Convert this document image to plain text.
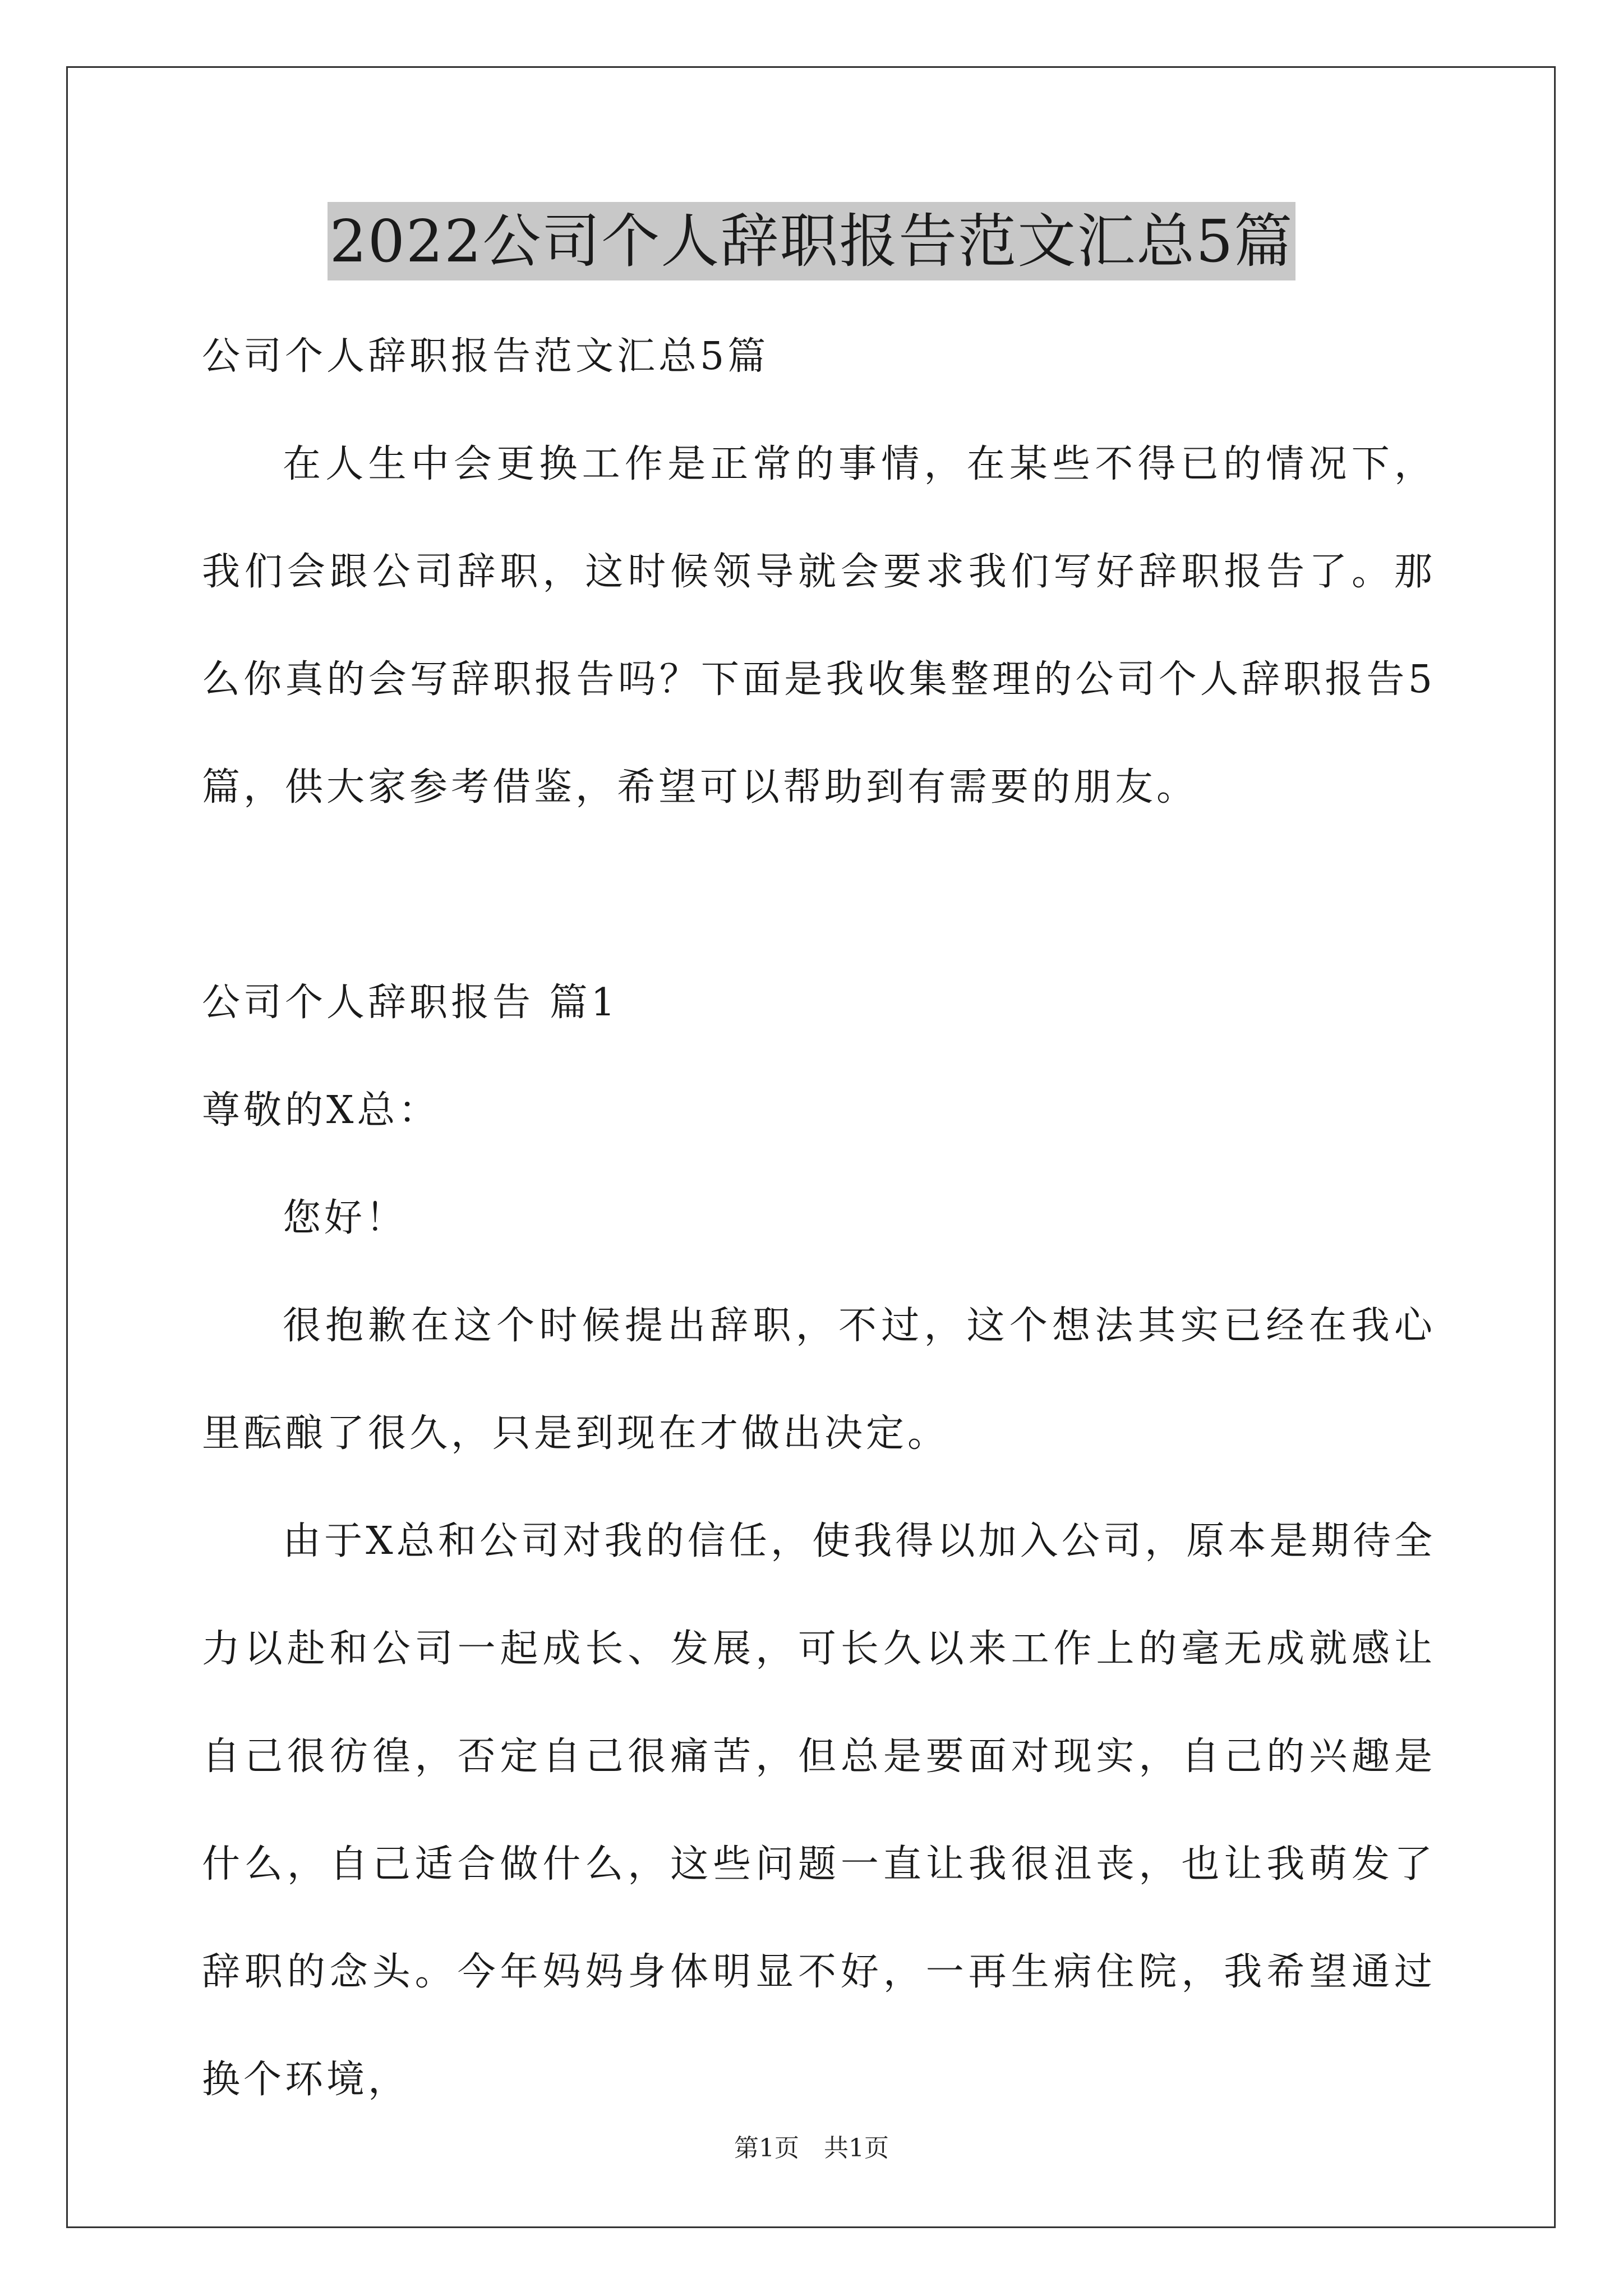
2022公司个人辞职报告范文汇总5篇

公司个人辞职报告范文汇总5篇

在人生中会更换工作是正常的事情，在某些不得已的情况下，我们会跟公司辞职，这时候领导就会要求我们写好辞职报告了。那么你真的会写辞职报告吗？下面是我收集整理的公司个人辞职报告5篇，供大家参考借鉴，希望可以帮助到有需要的朋友。

公司个人辞职报告 篇1

尊敬的X总：

您好！

很抱歉在这个时候提出辞职，不过，这个想法其实已经在我心里酝酿了很久，只是到现在才做出决定。

由于X总和公司对我的信任，使我得以加入公司，原本是期待全力以赴和公司一起成长、发展，可长久以来工作上的毫无成就感让自己很彷徨，否定自己很痛苦，但总是要面对现实，自己的兴趣是什么，自己适合做什么，这些问题一直让我很沮丧，也让我萌发了辞职的念头。今年妈妈身体明显不好，一再生病住院，我希望通过换个环境，

第1页 共1页
